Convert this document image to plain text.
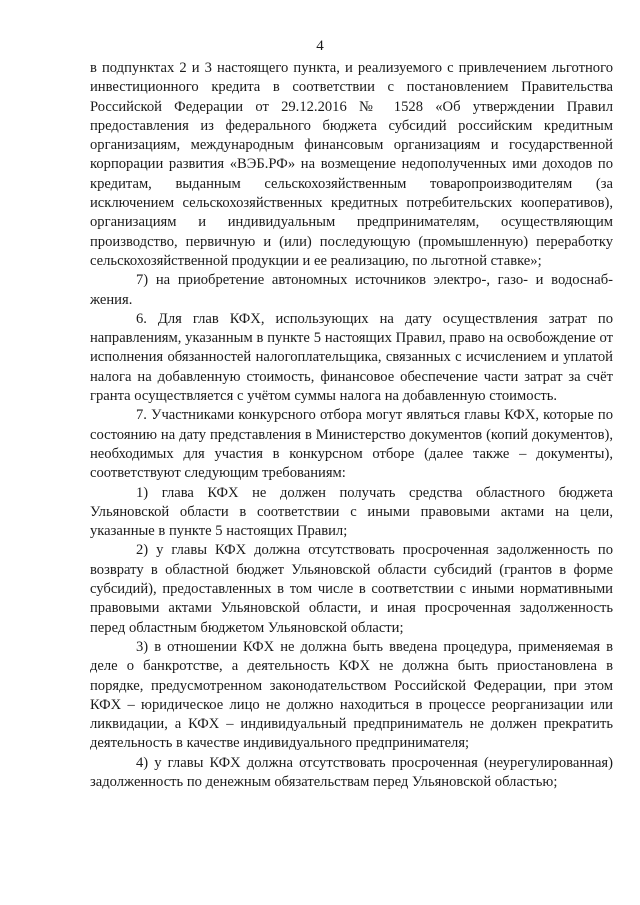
4

в подпунктах 2 и 3 настоящего пункта, и реализуемого с привлечением льготного инвестиционного кредита в соответствии с постановлением Правительства Российской Федерации от 29.12.2016 № 1528 «Об утверждении Правил предоставления из федерального бюджета субсидий российским кредитным организациям, международным финансовым организациям и государственной корпорации развития «ВЭБ.РФ» на возмещение недополученных ими доходов по кредитам, выданным сельскохозяйственным товаропроизводителям (за исключением сельскохозяйственных кредитных потребительских кооперативов), организациям и индивидуальным предпринимателям, осуществляющим производство, первичную и (или) последующую (промышленную) переработку сельскохозяйственной продукции и ее реализацию, по льготной ставке»;

7) на приобретение автономных источников электро-, газо- и водоснабжения.

6. Для глав КФХ, использующих на дату осуществления затрат по направлениям, указанным в пункте 5 настоящих Правил, право на освобождение от исполнения обязанностей налогоплательщика, связанных с исчислением и уплатой налога на добавленную стоимость, финансовое обеспечение части затрат за счёт гранта осуществляется с учётом суммы налога на добавленную стоимость.

7. Участниками конкурсного отбора могут являться главы КФХ, которые по состоянию на дату представления в Министерство документов (копий документов), необходимых для участия в конкурсном отборе (далее также – документы), соответствуют следующим требованиям:

1) глава КФХ не должен получать средства областного бюджета Ульяновской области в соответствии с иными правовыми актами на цели, указанные в пункте 5 настоящих Правил;

2) у главы КФХ должна отсутствовать просроченная задолженность по возврату в областной бюджет Ульяновской области субсидий (грантов в форме субсидий), предоставленных в том числе в соответствии с иными нормативными правовыми актами Ульяновской области, и иная просроченная задолженность перед областным бюджетом Ульяновской области;

3) в отношении КФХ не должна быть введена процедура, применяемая в деле о банкротстве, а деятельность КФХ не должна быть приостановлена в порядке, предусмотренном законодательством Российской Федерации, при этом КФХ – юридическое лицо не должно находиться в процессе реорганизации или ликвидации, а КФХ – индивидуальный предприниматель не должен прекратить деятельность в качестве индивидуального предпринимателя;

4) у главы КФХ должна отсутствовать просроченная (неурегулированная) задолженность по денежным обязательствам перед Ульяновской областью;
